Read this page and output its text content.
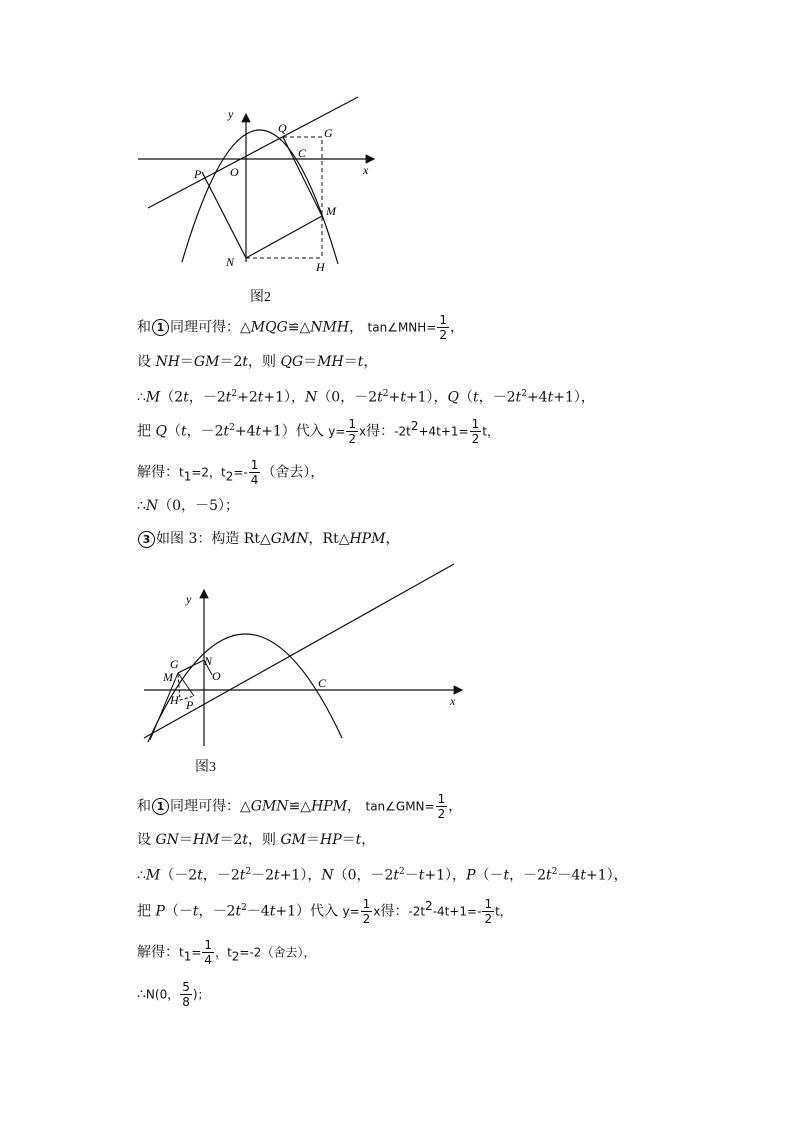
y
x
O
P
Q	G
C
M
N	H
图2
和 1 同理可得：△MQG≌△NMH， tan∠MNH= $\frac{1}{2}$ ，
设 NH＝GM＝2t，则 QG＝MH＝t，
∴M（2t，$-2t^2+2t+1$），N（0，$-2t^2+t+1$），Q（t，$-2t^2+4t+1$），
把 Q（t，$-2t^2+4t+1$）代入 $y= \frac{1}{2}$ x得：$-2t^2+4t+1= \frac{1}{2}$ t，
解得：$t_1=2$，$t_2=- \frac{1}{4}$ （舍去），
∴N（0，－5）；
3 如图 3：构造 Rt△GMN，Rt△HPM，
y
x
O
P
C
M
N
G
H
图3
和 1 同理可得：△GMN≌△HPM， tan∠GMN= $\frac{1}{2}$ ，
设 GN＝HM＝2t，则 GM＝HP＝t，
∴M（－2t，$-2t^2-2t+1$），N（0，$-2t^2-t+1$），P（－t，$-2t^2-4t+1$），
把 P（－t，$-2t^2-4t+1$）代入 $y= \frac{1}{2}$ x得：$-2t^2-4t+1=- \frac{1}{2}$ t，
解得：$t_1= \frac{1}{4}$ ，$t_2=-2$（舍去），
∴N(0， $\frac{5}{8}$ )；
